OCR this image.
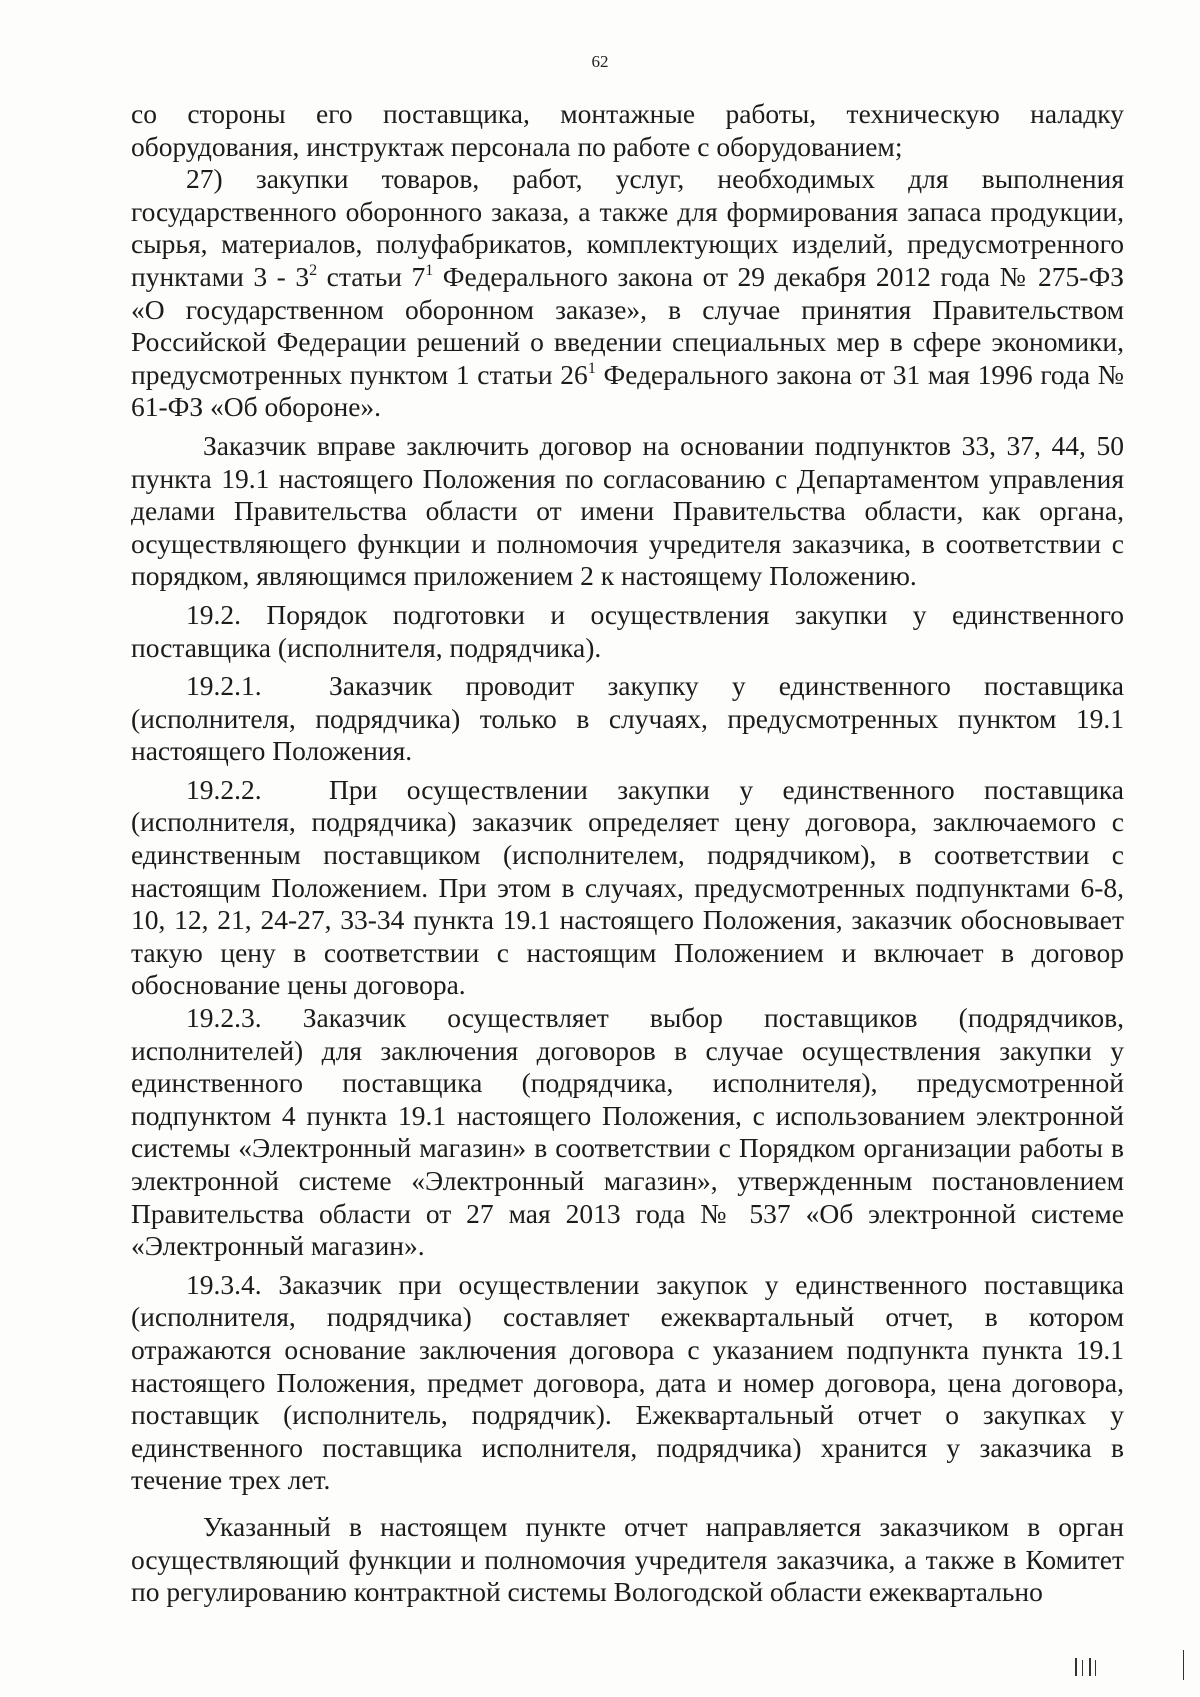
62

со стороны его поставщика, монтажные работы, техническую наладку оборудования, инструктаж персонала по работе с оборудованием;

27) закупки товаров, работ, услуг, необходимых для выполнения государственного оборонного заказа, а также для формирования запаса продукции, сырья, материалов, полуфабрикатов, комплектующих изделий, предусмотренного пунктами $3 - 3^2$ статьи $7^1$ Федерального закона от 29 декабря 2012 года № 275-ФЗ «О государственном оборонном заказе», в случае принятия Правительством Российской Федерации решений о введении специальных мер в сфере экономики, предусмотренных пунктом 1 статьи $26^1$ Федерального закона от 31 мая 1996 года № 61-ФЗ «Об обороне».

Заказчик вправе заключить договор на основании подпунктов 33, 37, 44, 50 пункта 19.1 настоящего Положения по согласованию с Департаментом управления делами Правительства области от имени Правительства области, как органа, осуществляющего функции и полномочия учредителя заказчика, в соответствии с порядком, являющимся приложением 2 к настоящему Положению.

19.2. Порядок подготовки и осуществления закупки у единственного поставщика (исполнителя, подрядчика).

19.2.1. Заказчик проводит закупку у единственного поставщика (исполнителя, подрядчика) только в случаях, предусмотренных пунктом 19.1 настоящего Положения.

19.2.2. При осуществлении закупки у единственного поставщика (исполнителя, подрядчика) заказчик определяет цену договора, заключаемого с единственным поставщиком (исполнителем, подрядчиком), в соответствии с настоящим Положением. При этом в случаях, предусмотренных подпунктами 6-8, 10, 12, 21, 24-27, 33-34 пункта 19.1 настоящего Положения, заказчик обосновывает такую цену в соответствии с настоящим Положением и включает в договор обоснование цены договора.

19.2.3. Заказчик осуществляет выбор поставщиков (подрядчиков, исполнителей) для заключения договоров в случае осуществления закупки у единственного поставщика (подрядчика, исполнителя), предусмотренной подпунктом 4 пункта 19.1 настоящего Положения, с использованием электронной системы «Электронный магазин» в соответствии с Порядком организации работы в электронной системе «Электронный магазин», утвержденным постановлением Правительства области от 27 мая 2013 года № 537 «Об электронной системе «Электронный магазин».

19.3.4. Заказчик при осуществлении закупок у единственного поставщика (исполнителя, подрядчика) составляет ежеквартальный отчет, в котором отражаются основание заключения договора с указанием подпункта пункта 19.1 настоящего Положения, предмет договора, дата и номер договора, цена договора, поставщик (исполнитель, подрядчик). Ежеквартальный отчет о закупках у единственного поставщика исполнителя, подрядчика) хранится у заказчика в течение трех лет.

Указанный в настоящем пункте отчет направляется заказчиком в орган осуществляющий функции и полномочия учредителя заказчика, а также в Комитет по регулированию контрактной системы Вологодской области ежеквартально
